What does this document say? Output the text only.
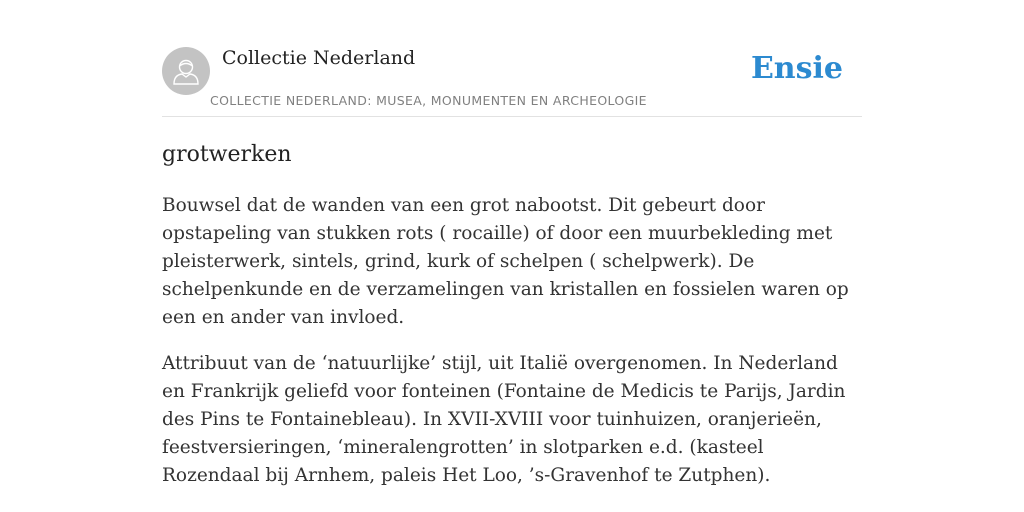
Collectie Nederland
COLLECTIE NEDERLAND: MUSEA, MONUMENTEN EN ARCHEOLOGIE
Ensie
grotwerken

Bouwsel dat de wanden van een grot nabootst. Dit gebeurt door opstapeling van stukken rots ( rocaille) of door een muurbekleding met pleisterwerk, sintels, grind, kurk of schelpen ( schelpwerk). De schelpenkunde en de verzamelingen van kristallen en fossielen waren op een en ander van invloed.

Attribuut van de ‘natuurlijke’ stijl, uit Italië overgenomen. In Nederland en Frankrijk geliefd voor fonteinen (Fontaine de Medicis te Parijs, Jardin des Pins te Fontainebleau). In XVII-XVIII voor tuinhuizen, oranjerieën, feestversieringen, ‘mineralengrotten’ in slotparken e.d. (kasteel Rozendaal bij Arnhem, paleis Het Loo, ’s-Gravenhof te Zutphen).
